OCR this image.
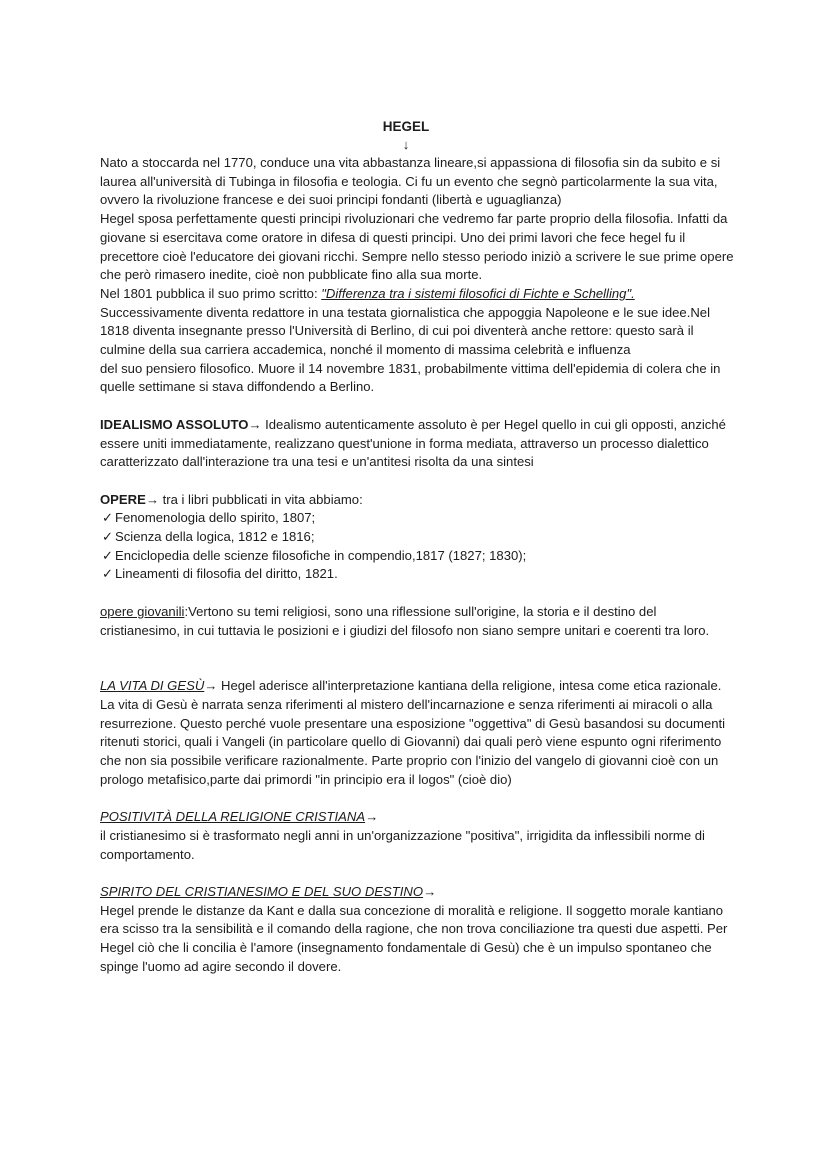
HEGEL

↓

Nato a stoccarda nel 1770, conduce una vita abbastanza lineare,si appassiona di filosofia sin da subito e si laurea all'università di Tubinga in filosofia e teologia. Ci fu un evento che segnò particolarmente la sua vita, ovvero la rivoluzione francese e dei suoi principi fondanti (libertà e uguaglianza)

Hegel sposa perfettamente questi principi rivoluzionari che vedremo far parte proprio della filosofia. Infatti da giovane si esercitava come oratore in difesa di questi principi. Uno dei primi lavori che fece hegel fu il precettore cioè l'educatore dei giovani ricchi. Sempre nello stesso periodo iniziò a scrivere le sue prime opere che però rimasero inedite, cioè non pubblicate fino alla sua morte.

Nel 1801 pubblica il suo primo scritto: "Differenza tra i sistemi filosofici di Fichte e Schelling".

Successivamente diventa redattore in una testata giornalistica che appoggia Napoleone e le sue idee.Nel 1818 diventa insegnante presso l'Università di Berlino, di cui poi diventerà anche rettore: questo sarà il culmine della sua carriera accademica, nonché il momento di massima celebrità e influenza

del suo pensiero filosofico. Muore il 14 novembre 1831, probabilmente vittima dell'epidemia di colera che in quelle settimane si stava diffondendo a Berlino.

IDEALISMO ASSOLUTO→ Idealismo autenticamente assoluto è per Hegel quello in cui gli opposti, anziché essere uniti immediatamente, realizzano quest'unione in forma mediata, attraverso un processo dialettico caratterizzato dall'interazione tra una tesi e un'antitesi risolta da una sintesi

OPERE→ tra i libri pubblicati in vita abbiamo:

✓ Fenomenologia dello spirito, 1807;

✓ Scienza della logica, 1812 e 1816;

✓ Enciclopedia delle scienze filosofiche in compendio,1817 (1827; 1830);

✓ Lineamenti di filosofia del diritto, 1821.

opere giovanili:Vertono su temi religiosi, sono una riflessione sull'origine, la storia e il destino del cristianesimo, in cui tuttavia le posizioni e i giudizi del filosofo non siano sempre unitari e coerenti tra loro.

LA VITA DI GESÙ→ Hegel aderisce all'interpretazione kantiana della religione, intesa come etica razionale.

La vita di Gesù è narrata senza riferimenti al mistero dell'incarnazione e senza riferimenti ai miracoli o alla resurrezione. Questo perché vuole presentare una esposizione "oggettiva" di Gesù basandosi su documenti ritenuti storici, quali i Vangeli (in particolare quello di Giovanni) dai quali però viene espunto ogni riferimento che non sia possibile verificare razionalmente. Parte proprio con l'inizio del vangelo di giovanni cioè con un prologo metafisico,parte dai primordi "in principio era il logos" (cioè dio)

POSITIVITÀ DELLA RELIGIONE CRISTIANA→

il cristianesimo si è trasformato negli anni in un'organizzazione "positiva", irrigidita da inflessibili norme di comportamento.

SPIRITO DEL CRISTIANESIMO E DEL SUO DESTINO→

Hegel prende le distanze da Kant e dalla sua concezione di moralità e religione. Il soggetto morale kantiano era scisso tra la sensibilità e il comando della ragione, che non trova conciliazione tra questi due aspetti. Per Hegel ciò che li concilia è l'amore (insegnamento fondamentale di Gesù) che è un impulso spontaneo che spinge l'uomo ad agire secondo il dovere.
